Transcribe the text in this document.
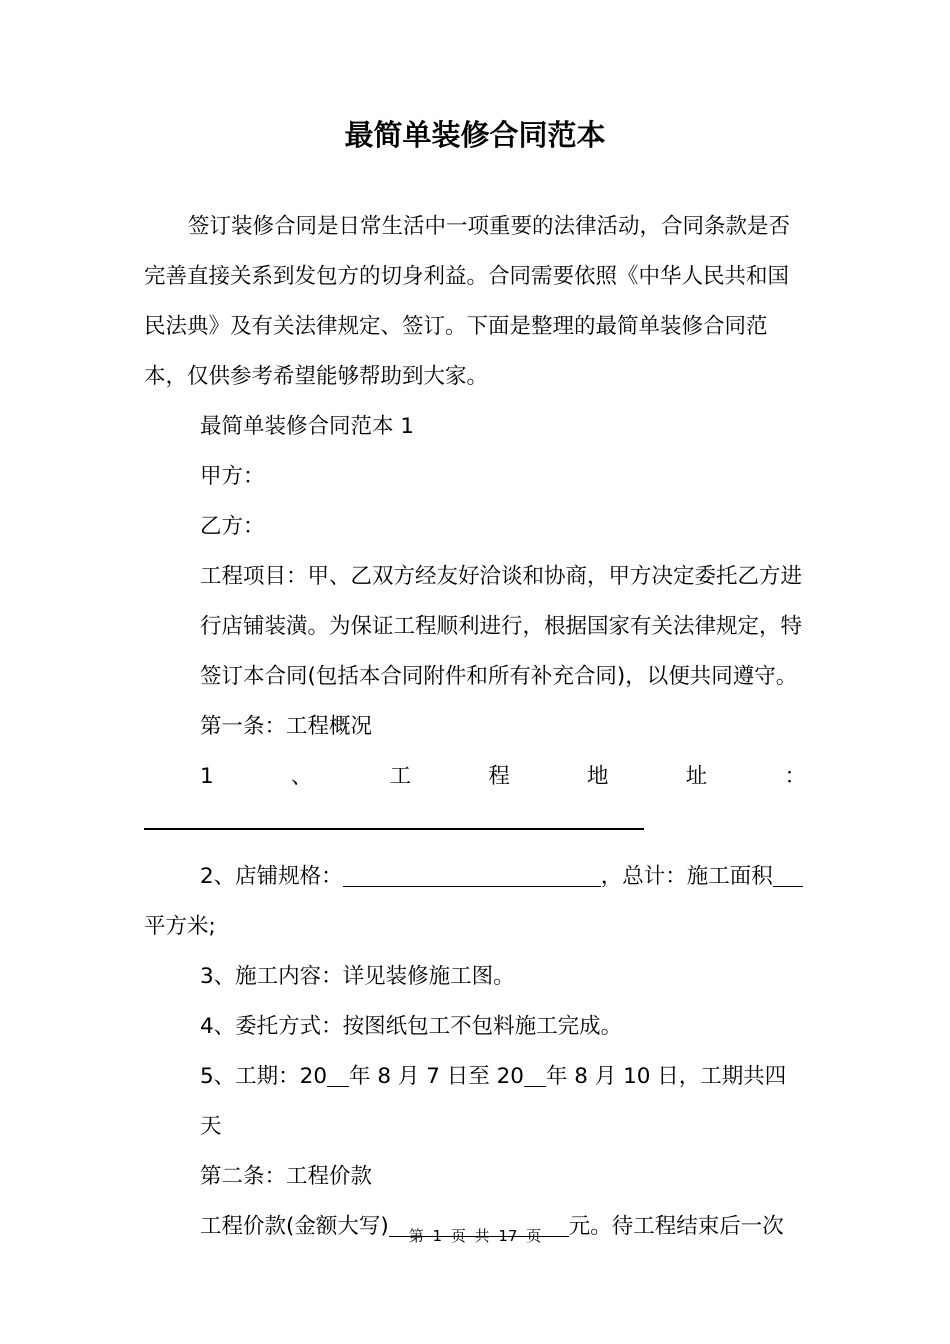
最简单装修合同范本

签订装修合同是日常生活中一项重要的法律活动，合同条款是否完善直接关系到发包方的切身利益。合同需要依照《中华人民共和国民法典》及有关法律规定、签订。下面是整理的最简单装修合同范本，仅供参考希望能够帮助到大家。

最简单装修合同范本 1

甲方：

乙方：

工程项目：甲、乙双方经友好洽谈和协商，甲方决定委托乙方进行店铺装潢。为保证工程顺利进行，根据国家有关法律规定，特签订本合同(包括本合同附件和所有补充合同)，以便共同遵守。

第一条：工程概况

1	、	工	程	地	址	：

2、店铺规格：	，总计：施工面积

平方米;

3、施工内容：详见装修施工图。

4、委托方式：按图纸包工不包料施工完成。

5、工期：20 年 8 月 7 日至 20 年 8 月 10 日，工期共四天

第二条：工程价款

工程价款(金额大写)	元。待工程结束后一次

第 1 页 共 17 页
